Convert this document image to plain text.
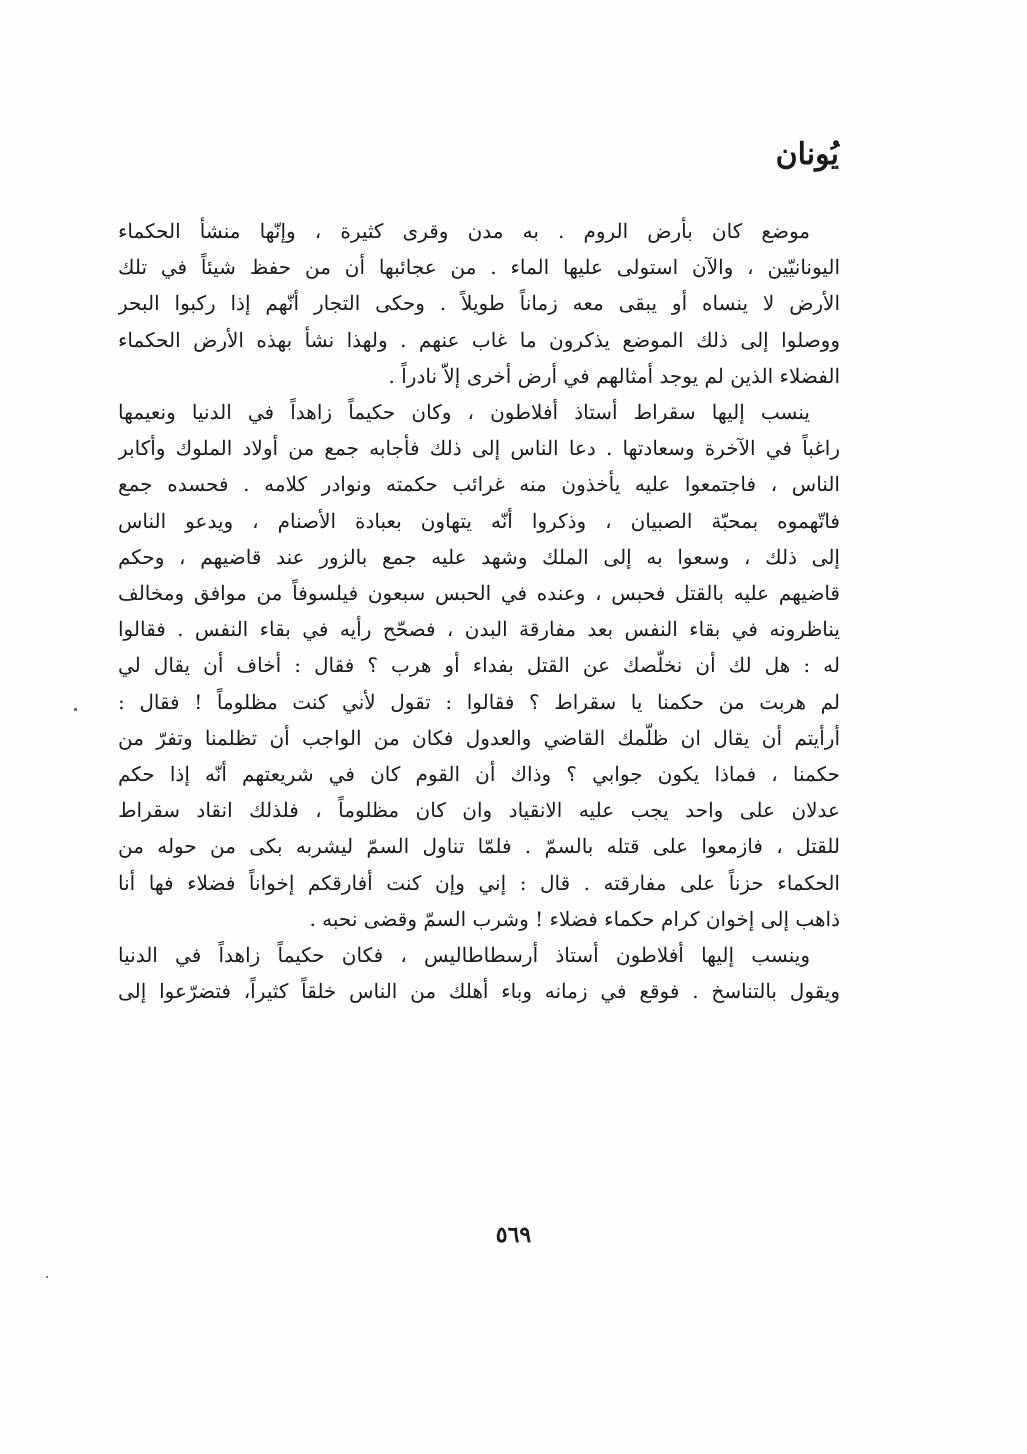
يُونان

موضع كان بأرض الروم . به مدن وقرى كثيرة ، وإنّها منشأ الحكماء
اليونانيّين ، والآن استولى عليها الماء . من عجائبها أن من حفظ شيئاً في تلك
الأرض لا ينساه أو يبقى معه زماناً طويلاً . وحكى التجار أنّهم إذا ركبوا البحر
ووصلوا إلى ذلك الموضع يذكرون ما غاب عنهم . ولهذا نشأ بهذه الأرض الحكماء
الفضلاء الذين لم يوجد أمثالهم في أرض أخرى إلاّ نادراً .

ينسب إليها سقراط أستاذ أفلاطون ، وكان حكيماً زاهداً في الدنيا ونعيمها
راغباً في الآخرة وسعادتها . دعا الناس إلى ذلك فأجابه جمع من أولاد الملوك وأكابر
الناس ، فاجتمعوا عليه يأخذون منه غرائب حكمته ونوادر كلامه . فحسده جمع
فاتّهموه بمحبّة الصبيان ، وذكروا أنّه يتهاون بعبادة الأصنام ، ويدعو الناس
إلى ذلك ، وسعوا به إلى الملك وشهد عليه جمع بالزور عند قاضيهم ، وحكم
قاضيهم عليه بالقتل فحبس ، وعنده في الحبس سبعون فيلسوفاً من موافق ومخالف
يناظرونه في بقاء النفس بعد مفارقة البدن ، فصحّح رأيه في بقاء النفس . فقالوا
له : هل لك أن نخلّصك عن القتل بفداء أو هرب ؟ فقال : أخاف أن يقال لي
لم هربت من حكمنا يا سقراط ؟ فقالوا : تقول لأني كنت مظلوماً ! فقال :
أرأيتم أن يقال ان ظلّمك القاضي والعدول فكان من الواجب أن تظلمنا وتفرّ من
حكمنا ، فماذا يكون جوابي ؟ وذاك أن القوم كان في شريعتهم أنّه إذا حكم
عدلان على واحد يجب عليه الانقياد وان كان مظلوماً ، فلذلك انقاد سقراط
للقتل ، فازمعوا على قتله بالسمّ . فلمّا تناول السمّ ليشربه بكى من حوله من
الحكماء حزناً على مفارقته . قال : إني وإن كنت أفارقكم إخواناً فضلاء فها أنا
ذاهب إلى إخوان كرام حكماء فضلاء ! وشرب السمّ وقضى نحبه .

وينسب إليها أفلاطون أستاذ أرسطاطاليس ، فكان حكيماً زاهداً في الدنيا
ويقول بالتناسخ . فوقع في زمانه وباء أهلك من الناس خلقاً كثيراً، فتضرّعوا إلى

٥٦٩
